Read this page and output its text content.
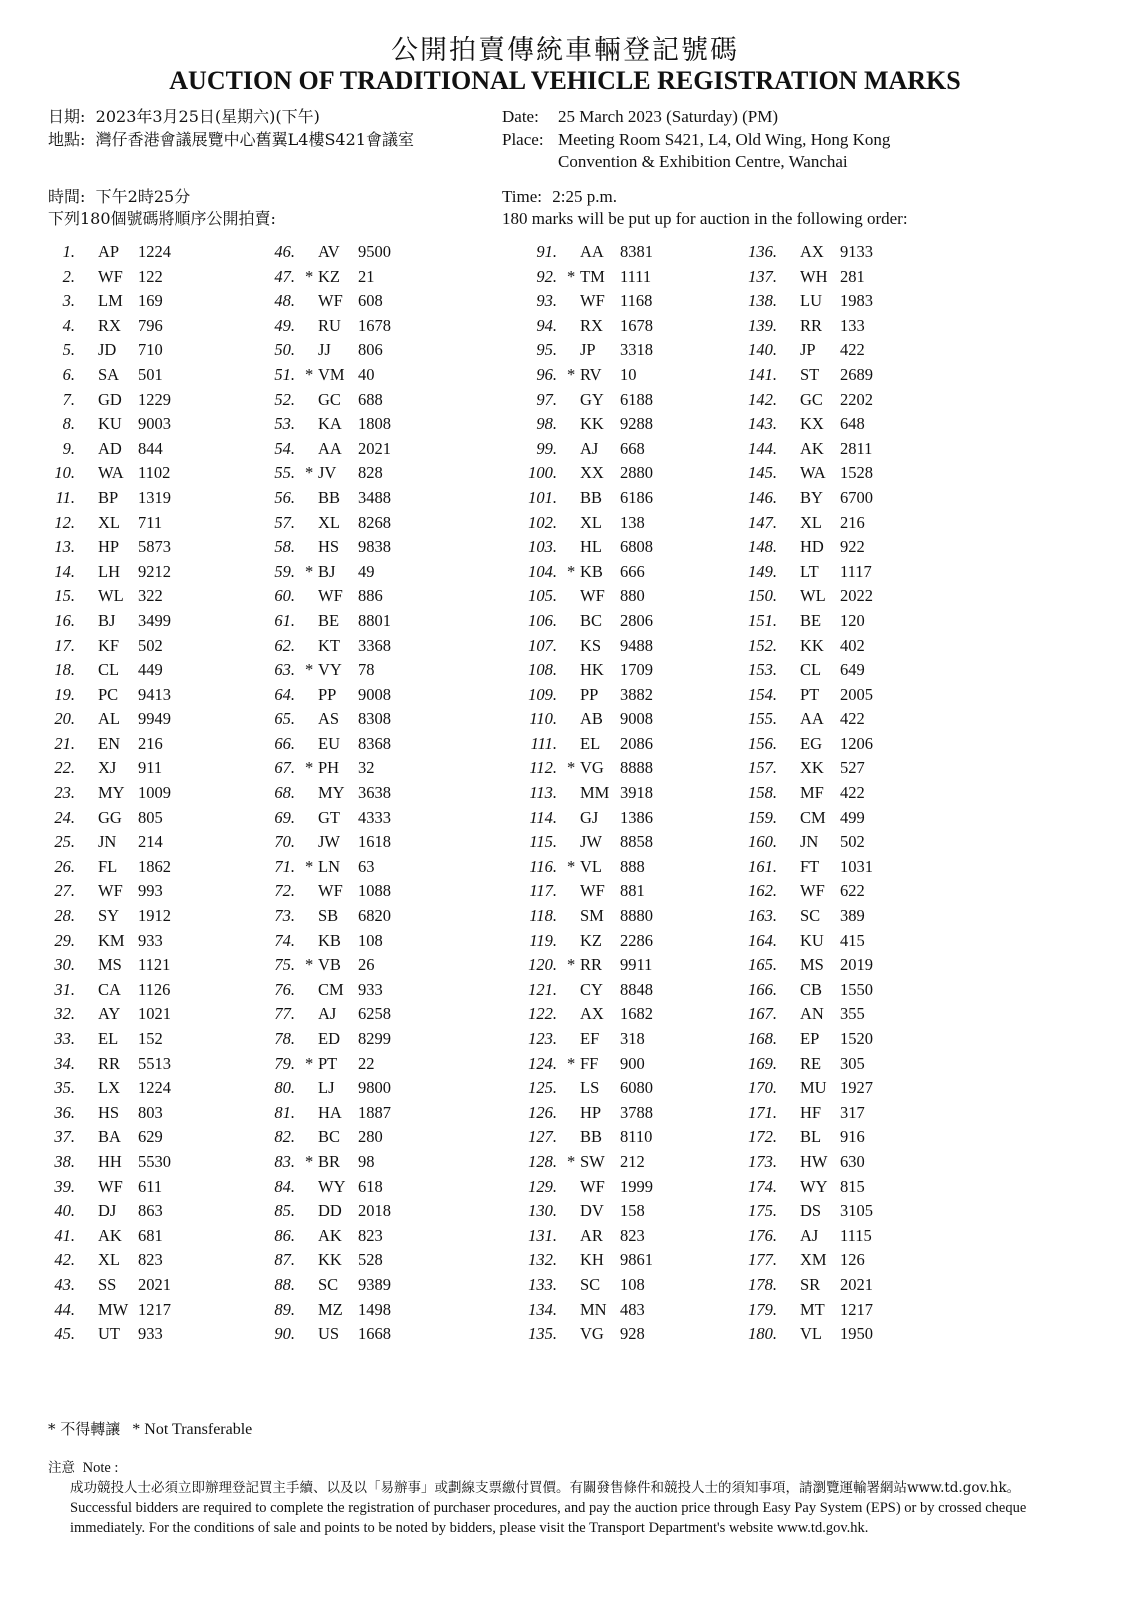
公開拍賣傳統車輛登記號碼
AUCTION OF TRADITIONAL VEHICLE REGISTRATION MARKS
日期: 2023年3月25日(星期六)(下午)
地點: 灣仔香港會議展覽中心舊翼L4樓S421會議室
時間: 下午2時25分
下列180個號碼將順序公開拍賣:
Date: 25 March 2023 (Saturday) (PM)
Place: Meeting Room S421, L4, Old Wing, Hong Kong
Convention & Exhibition Centre, Wanchai
Time: 2:25 p.m.
180 marks will be put up for auction in the following order:
1. AP 1224
2. WF 122
3. LM 169
4. RX 796
5. JD 710
6. SA 501
7. GD 1229
8. KU 9003
9. AD 844
10. WA 1102
11. BP 1319
12. XL 711
13. HP 5873
14. LH 9212
15. WL 322
16. BJ 3499
17. KF 502
18. CL 449
19. PC 9413
20. AL 9949
21. EN 216
22. XJ 911
23. MY 1009
24. GG 805
25. JN 214
26. FL 1862
27. WF 993
28. SY 1912
29. KM 933
30. MS 1121
31. CA 1126
32. AY 1021
33. EL 152
34. RR 5513
35. LX 1224
36. HS 803
37. BA 629
38. HH 5530
39. WF 611
40. DJ 863
41. AK 681
42. XL 823
43. SS 2021
44. MW 1217
45. UT 933
46. AV 9500
47. * KZ 21
48. WF 608
49. RU 1678
50. JJ 806
51. * VM 40
52. GC 688
53. KA 1808
54. AA 2021
55. * JV 828
56. BB 3488
57. XL 8268
58. HS 9838
59. * BJ 49
60. WF 886
61. BE 8801
62. KT 3368
63. * VY 78
64. PP 9008
65. AS 8308
66. EU 8368
67. * PH 32
68. MY 3638
69. GT 4333
70. JW 1618
71. * LN 63
72. WF 1088
73. SB 6820
74. KB 108
75. * VB 26
76. CM 933
77. AJ 6258
78. ED 8299
79. * PT 22
80. LJ 9800
81. HA 1887
82. BC 280
83. * BR 98
84. WY 618
85. DD 2018
86. AK 823
87. KK 528
88. SC 9389
89. MZ 1498
90. US 1668
91. AA 8381
92. * TM 1111
93. WF 1168
94. RX 1678
95. JP 3318
96. * RV 10
97. GY 6188
98. KK 9288
99. AJ 668
100. XX 2880
101. BB 6186
102. XL 138
103. HL 6808
104. * KB 666
105. WF 880
106. BC 2806
107. KS 9488
108. HK 1709
109. PP 3882
110. AB 9008
111. EL 2086
112. * VG 8888
113. MM 3918
114. GJ 1386
115. JW 8858
116. * VL 888
117. WF 881
118. SM 8880
119. KZ 2286
120. * RR 9911
121. CY 8848
122. AX 1682
123. EF 318
124. * FF 900
125. LS 6080
126. HP 3788
127. BB 8110
128. * SW 212
129. WF 1999
130. DV 158
131. AR 823
132. KH 9861
133. SC 108
134. MN 483
135. VG 928
136. AX 9133
137. WH 281
138. LU 1983
139. RR 133
140. JP 422
141. ST 2689
142. GC 2202
143. KX 648
144. AK 2811
145. WA 1528
146. BY 6700
147. XL 216
148. HD 922
149. LT 1117
150. WL 2022
151. BE 120
152. KK 402
153. CL 649
154. PT 2005
155. AA 422
156. EG 1206
157. XK 527
158. MF 422
159. CM 499
160. JN 502
161. FT 1031
162. WF 622
163. SC 389
164. KU 415
165. MS 2019
166. CB 1550
167. AN 355
168. EP 1520
169. RE 305
170. MU 1927
171. HF 317
172. BL 916
173. HW 630
174. WY 815
175. DS 3105
176. AJ 1115
177. XM 126
178. SR 2021
179. MT 1217
180. VL 1950
* 不得轉讓 * Not Transferable
注意 Note :
成功競投人士必須立即辦理登記買主手續、以及以「易辦事」或劃線支票繳付買價。有關發售條件和競投人士的須知事項，請瀏覽運輸署網站www.td.gov.hk。
Successful bidders are required to complete the registration of purchaser procedures, and pay the auction price through Easy Pay System (EPS) or by crossed cheque immediately. For the conditions of sale and points to be noted by bidders, please visit the Transport Department's website www.td.gov.hk.
